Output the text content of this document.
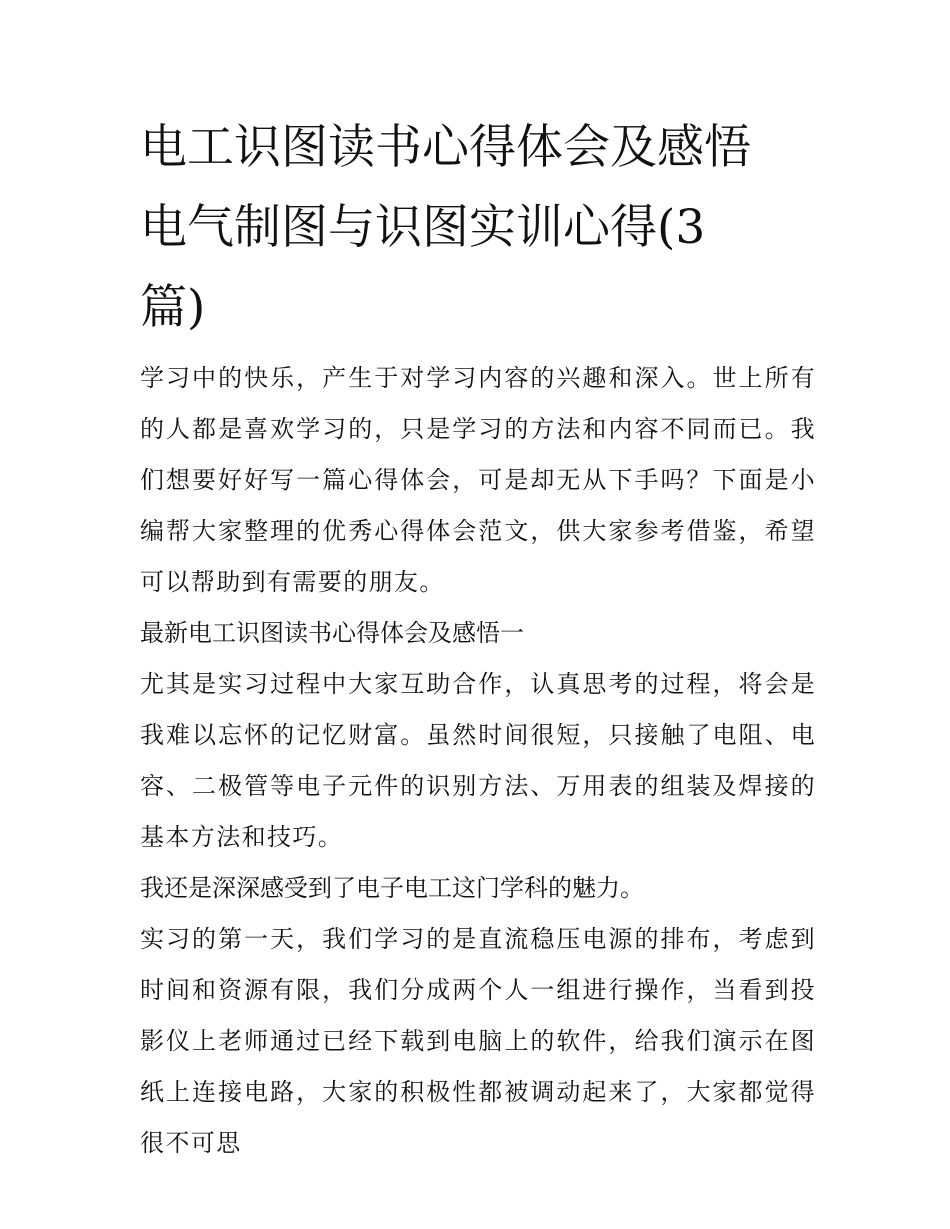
电工识图读书心得体会及感悟
电气制图与识图实训心得(3
篇)

学习中的快乐，产生于对学习内容的兴趣和深入。世上所有的人都是喜欢学习的，只是学习的方法和内容不同而已。我们想要好好写一篇心得体会，可是却无从下手吗？下面是小编帮大家整理的优秀心得体会范文，供大家参考借鉴，希望可以帮助到有需要的朋友。

最新电工识图读书心得体会及感悟一

尤其是实习过程中大家互助合作，认真思考的过程，将会是我难以忘怀的记忆财富。虽然时间很短，只接触了电阻、电容、二极管等电子元件的识别方法、万用表的组装及焊接的基本方法和技巧。

我还是深深感受到了电子电工这门学科的魅力。

实习的第一天，我们学习的是直流稳压电源的排布，考虑到时间和资源有限，我们分成两个人一组进行操作，当看到投影仪上老师通过已经下载到电脑上的软件，给我们演示在图纸上连接电路，大家的积极性都被调动起来了，大家都觉得很不可思
